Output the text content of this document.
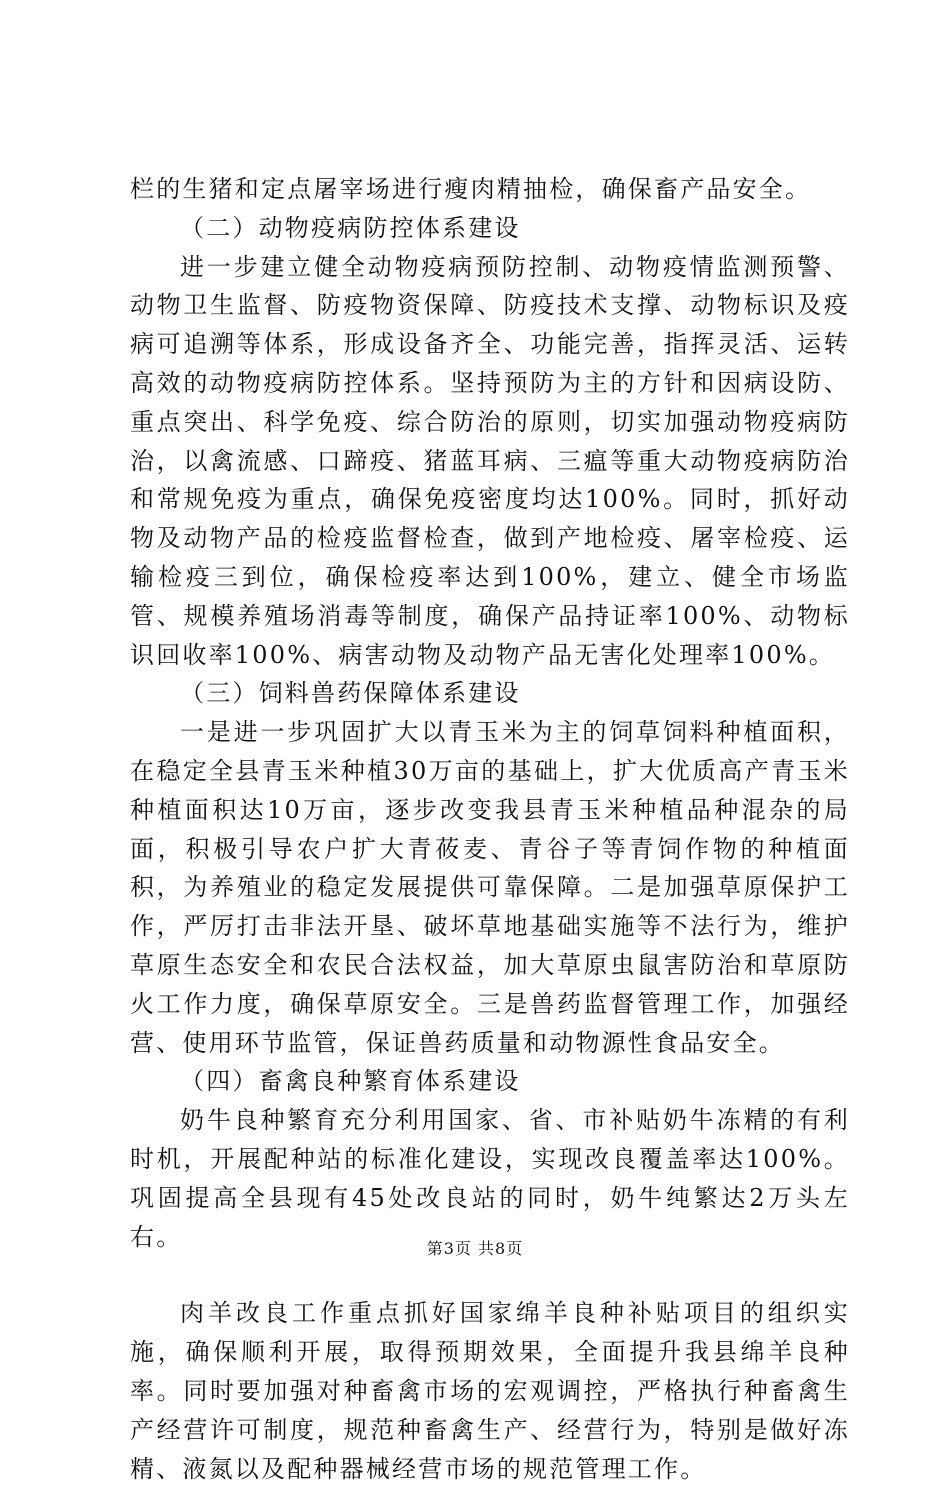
栏的生猪和定点屠宰场进行瘦肉精抽检，确保畜产品安全。

（二）动物疫病防控体系建设

进一步建立健全动物疫病预防控制、动物疫情监测预警、动物卫生监督、防疫物资保障、防疫技术支撑、动物标识及疫病可追溯等体系，形成设备齐全、功能完善，指挥灵活、运转高效的动物疫病防控体系。坚持预防为主的方针和因病设防、重点突出、科学免疫、综合防治的原则，切实加强动物疫病防治，以禽流感、口蹄疫、猪蓝耳病、三瘟等重大动物疫病防治和常规免疫为重点，确保免疫密度均达100%。同时，抓好动物及动物产品的检疫监督检查，做到产地检疫、屠宰检疫、运输检疫三到位，确保检疫率达到100%，建立、健全市场监管、规模养殖场消毒等制度，确保产品持证率100%、动物标识回收率100%、病害动物及动物产品无害化处理率100%。

（三）饲料兽药保障体系建设

一是进一步巩固扩大以青玉米为主的饲草饲料种植面积，在稳定全县青玉米种植30万亩的基础上，扩大优质高产青玉米种植面积达10万亩，逐步改变我县青玉米种植品种混杂的局面，积极引导农户扩大青莜麦、青谷子等青饲作物的种植面积，为养殖业的稳定发展提供可靠保障。二是加强草原保护工作，严厉打击非法开垦、破坏草地基础实施等不法行为，维护草原生态安全和农民合法权益，加大草原虫鼠害防治和草原防火工作力度，确保草原安全。三是兽药监督管理工作，加强经营、使用环节监管，保证兽药质量和动物源性食品安全。

（四）畜禽良种繁育体系建设

奶牛良种繁育充分利用国家、省、市补贴奶牛冻精的有利时机，开展配种站的标准化建设，实现改良覆盖率达100%。巩固提高全县现有45处改良站的同时，奶牛纯繁达2万头左右。

肉羊改良工作重点抓好国家绵羊良种补贴项目的组织实施，确保顺利开展，取得预期效果，全面提升我县绵羊良种率。同时要加强对种畜禽市场的宏观调控，严格执行种畜禽生产经营许可制度，规范种畜禽生产、经营行为，特别是做好冻精、液氮以及配种器械经营市场的规范管理工作。

第3页 共8页
